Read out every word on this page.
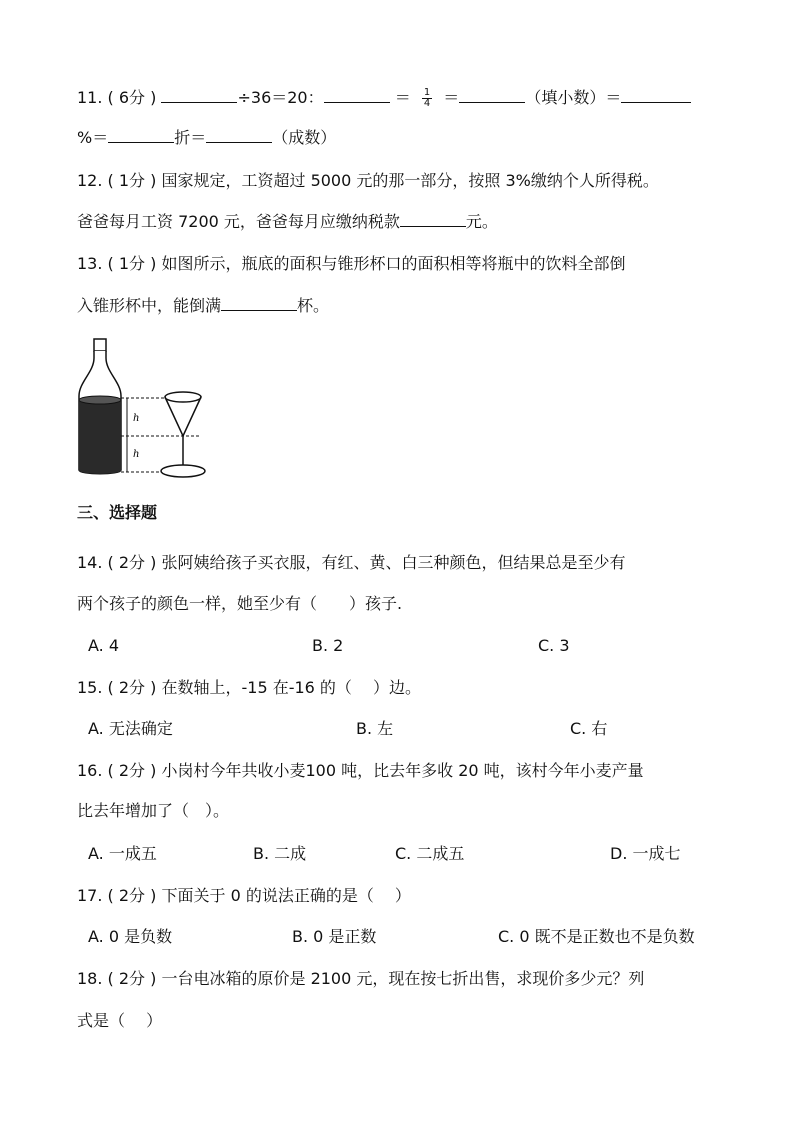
11. ( 6分 )	÷36＝20：	＝ $\frac{1}{4}$ ＝	（填小数）＝
%＝	折＝	（成数）
12. ( 1分 ) 国家规定，工资超过 5000 元的那一部分，按照 3%缴纳个人所得税。
爸爸每月工资 7200 元，爸爸每月应缴纳税款	元。
13. ( 1分 ) 如图所示，瓶底的面积与锥形杯口的面积相等将瓶中的饮料全部倒
入锥形杯中，能倒满	杯。
h
h
三、选择题
14. ( 2分 ) 张阿姨给孩子买衣服，有红、黄、白三种颜色，但结果总是至少有
两个孩子的颜色一样，她至少有（　　）孩子.
A. 4	B. 2	C. 3
15. ( 2分 ) 在数轴上，-15 在-16 的（　 ）边。
A. 无法确定	B. 左	C. 右
16. ( 2分 ) 小岗村今年共收小麦100 吨，比去年多收 20 吨，该村今年小麦产量
比去年增加了（　）。
A. 一成五	B. 二成	C. 二成五	D. 一成七
17. ( 2分 ) 下面关于 0 的说法正确的是（　 ）
A. 0 是负数	B. 0 是正数	C. 0 既不是正数也不是负数
18. ( 2分 ) 一台电冰箱的原价是 2100 元，现在按七折出售，求现价多少元？列
式是（　 ）
